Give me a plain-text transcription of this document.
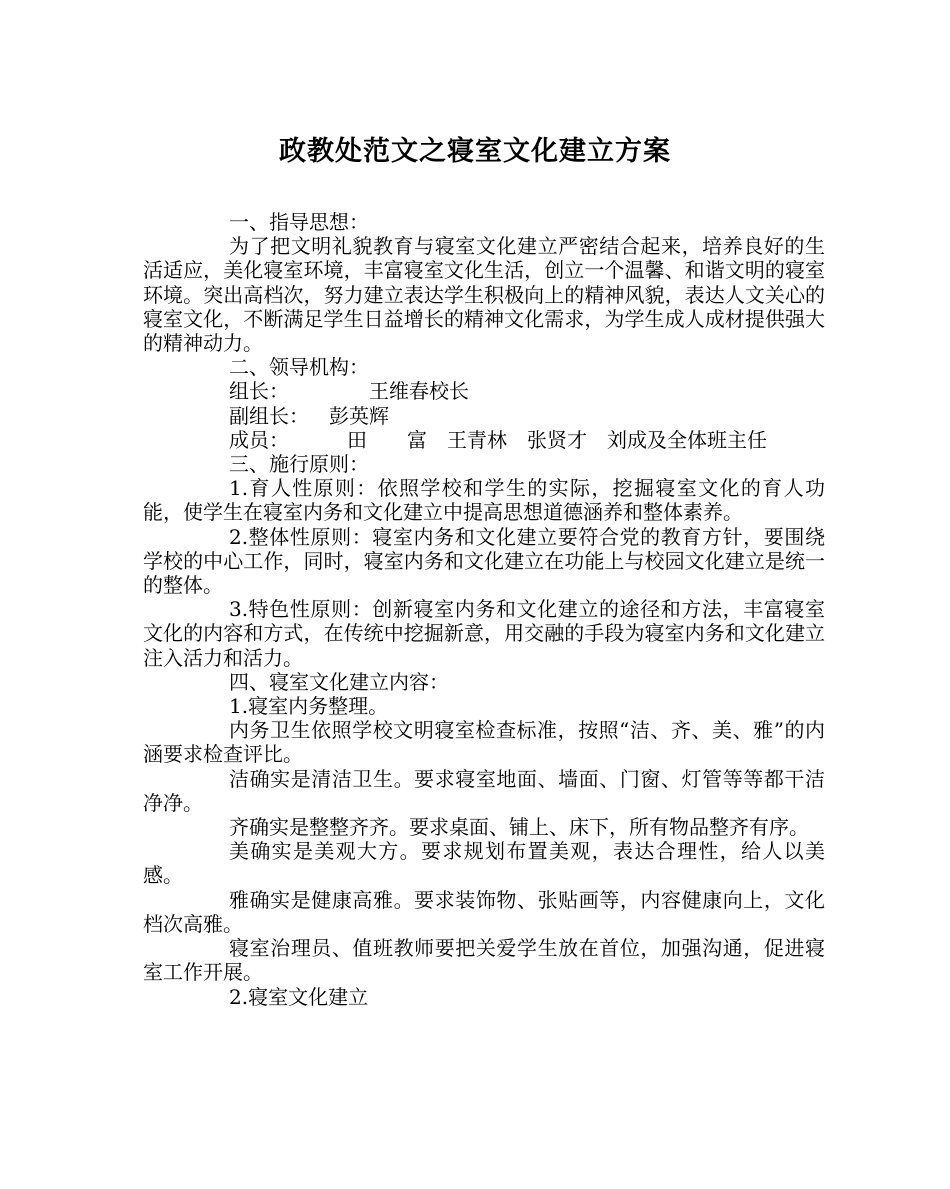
政教处范文之寝室文化建立方案

一、指导思想：

为了把文明礼貌教育与寝室文化建立严密结合起来，培养良好的生活适应，美化寝室环境，丰富寝室文化生活，创立一个温馨、和谐文明的寝室环境。突出高档次，努力建立表达学生积极向上的精神风貌，表达人文关心的寝室文化，不断满足学生日益增长的精神文化需求，为学生成人成材提供强大的精神动力。

二、领导机构：

组长：	王维春校长

副组长： 彭英辉

成员：	田　　富　王青林　张贤才　刘成及全体班主任

三、施行原则：

1.育人性原则：依照学校和学生的实际，挖掘寝室文化的育人功能，使学生在寝室内务和文化建立中提高思想道德涵养和整体素养。

2.整体性原则：寝室内务和文化建立要符合党的教育方针，要围绕学校的中心工作，同时，寝室内务和文化建立在功能上与校园文化建立是统一的整体。

3.特色性原则：创新寝室内务和文化建立的途径和方法，丰富寝室文化的内容和方式，在传统中挖掘新意，用交融的手段为寝室内务和文化建立注入活力和活力。

四、寝室文化建立内容：

1.寝室内务整理。

内务卫生依照学校文明寝室检查标准，按照“洁、齐、美、雅”的内涵要求检查评比。

洁确实是清洁卫生。要求寝室地面、墙面、门窗、灯管等等都干洁净净。

齐确实是整整齐齐。要求桌面、铺上、床下，所有物品整齐有序。

美确实是美观大方。要求规划布置美观，表达合理性，给人以美感。

雅确实是健康高雅。要求装饰物、张贴画等，内容健康向上，文化档次高雅。

寝室治理员、值班教师要把关爱学生放在首位，加强沟通，促进寝室工作开展。

2.寝室文化建立
